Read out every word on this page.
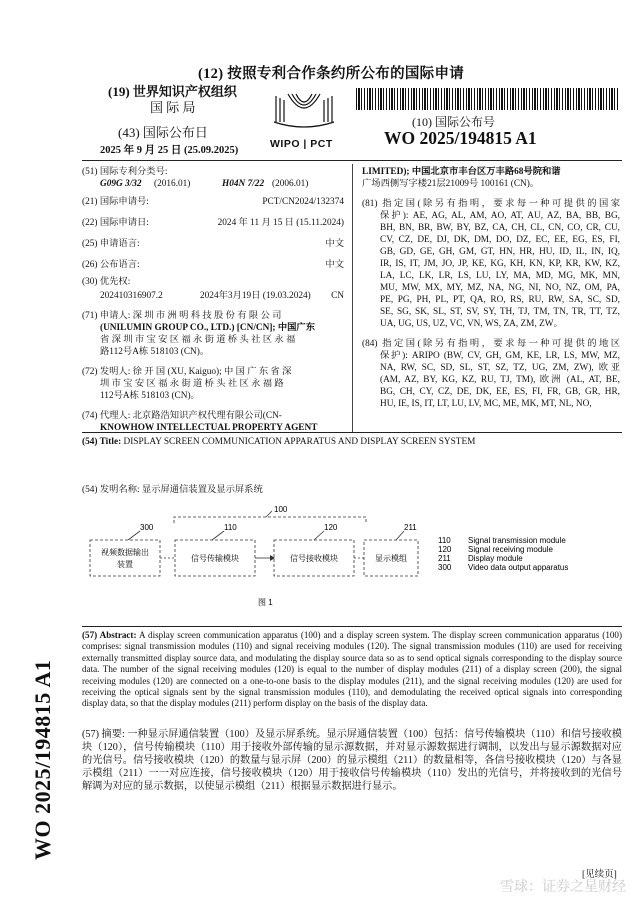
(12) 按照专利合作条约所公布的国际申请
(19) 世界知识产权组织
国 际 局
(43) 国际公布日
2025 年 9 月 25 日 (25.09.2025)
WIPO | PCT
(10) 国际公布号
WO 2025/194815 A1
(51) 国际专利分类号:
G09G 3/32 (2016.01)	H04N 7/22 (2006.01)
(21) 国际申请号:	PCT/CN2024/132374
(22) 国际申请日:	2024 年 11 月 15 日 (15.11.2024)
(25) 申请语言:	中文
(26) 公布语言:	中文
(30) 优先权:
202410316907.2	2024年3月19日 (19.03.2024) CN
(71) 申请人: 深 圳 市 洲 明 科 技 股 份 有 限 公 司
(UNILUMIN GROUP CO., LTD.) [CN/CN]; 中国广东
省 深 圳 市 宝 安 区 福 永 街 道 桥 头 社 区 永 福
路112号A栋 518103 (CN)。
(72) 发明人: 徐 开 国 (XU, Kaiguo); 中 国 广 东 省 深
圳 市 宝 安 区 福 永 街 道 桥 头 社 区 永 福 路
112号A栋 518103 (CN)。
(74) 代理人: 北京路浩知识产权代理有限公司(CN-
KNOWHOW INTELLECTUAL PROPERTY AGENT
LIMITED); 中国北京市丰台区万丰路68号院和谐
广场西侧写字楼21层21009号 100161 (CN)。
(81) 指定国(除另有指明，要求每一种可提供的国家
保护): AE, AG, AL, AM, AO, AT, AU, AZ, BA, BB, BG,
BH, BN, BR, BW, BY, BZ, CA, CH, CL, CN, CO, CR, CU,
CV, CZ, DE, DJ, DK, DM, DO, DZ, EC, EE, EG, ES, FI,
GB, GD, GE, GH, GM, GT, HN, HR, HU, ID, IL, IN, IQ,
IR, IS, IT, JM, JO, JP, KE, KG, KH, KN, KP, KR, KW, KZ,
LA, LC, LK, LR, LS, LU, LY, MA, MD, MG, MK, MN,
MU, MW, MX, MY, MZ, NA, NG, NI, NO, NZ, OM, PA,
PE, PG, PH, PL, PT, QA, RO, RS, RU, RW, SA, SC, SD,
SE, SG, SK, SL, ST, SV, SY, TH, TJ, TM, TN, TR, TT, TZ,
UA, UG, US, UZ, VC, VN, WS, ZA, ZM, ZW。
(84) 指定国(除另有指明，要求每一种可提供的地区
保护): ARIPO (BW, CV, GH, GM, KE, LR, LS, MW, MZ,
NA, RW, SC, SD, SL, ST, SZ, TZ, UG, ZM, ZW), 欧亚
(AM, AZ, BY, KG, KZ, RU, TJ, TM), 欧洲 (AL, AT, BE,
BG, CH, CY, CZ, DE, DK, EE, ES, FI, FR, GB, GR, HR,
HU, IE, IS, IT, LT, LU, LV, MC, ME, MK, MT, NL, NO,
(54) Title: DISPLAY SCREEN COMMUNICATION APPARATUS AND DISPLAY SCREEN SYSTEM
(54) 发明名称: 显示屏通信装置及显示屏系统
100
300	110	120	211
视频数据输出
装置
信号传输模块	信号接收模块	显示模组
110 Signal transmission module
120 Signal receiving module
211 Display module
300 Video data output apparatus
图 1
(57) Abstract: A display screen communication apparatus (100) and a display screen system. The display screen communication apparatus (100) comprises: signal transmission modules (110) and signal receiving modules (120). The signal transmission modules (110) are used for receiving externally transmitted display source data, and modulating the display source data so as to send optical signals corresponding to the display source data. The number of the signal receiving modules (120) is equal to the number of display modules (211) of a display screen (200), the signal receiving modules (120) are connected on a one-to-one basis to the display modules (211), and the signal receiving modules (120) are used for receiving the optical signals sent by the signal transmission modules (110), and demodulating the received optical signals into corresponding display data, so that the display modules (211) perform display on the basis of the display data.
(57) 摘要: 一种显示屏通信装置（100）及显示屏系统。显示屏通信装置（100）包括：信号传输模块（110）和信号接收模块（120），信号传输模块（110）用于接收外部传输的显示源数据，并对显示源数据进行调制，以发出与显示源数据对应的光信号。信号接收模块（120）的数量与显示屏（200）的显示模组（211）的数量相等，各信号接收模块（120）与各显示模组（211）一一对应连接，信号接收模块（120）用于接收信号传输模块（110）发出的光信号，并将接收到的光信号解调为对应的显示数据，以使显示模组（211）根据显示数据进行显示。
WO 2025/194815 A1
[见续页]
雪球：证券之星财经
